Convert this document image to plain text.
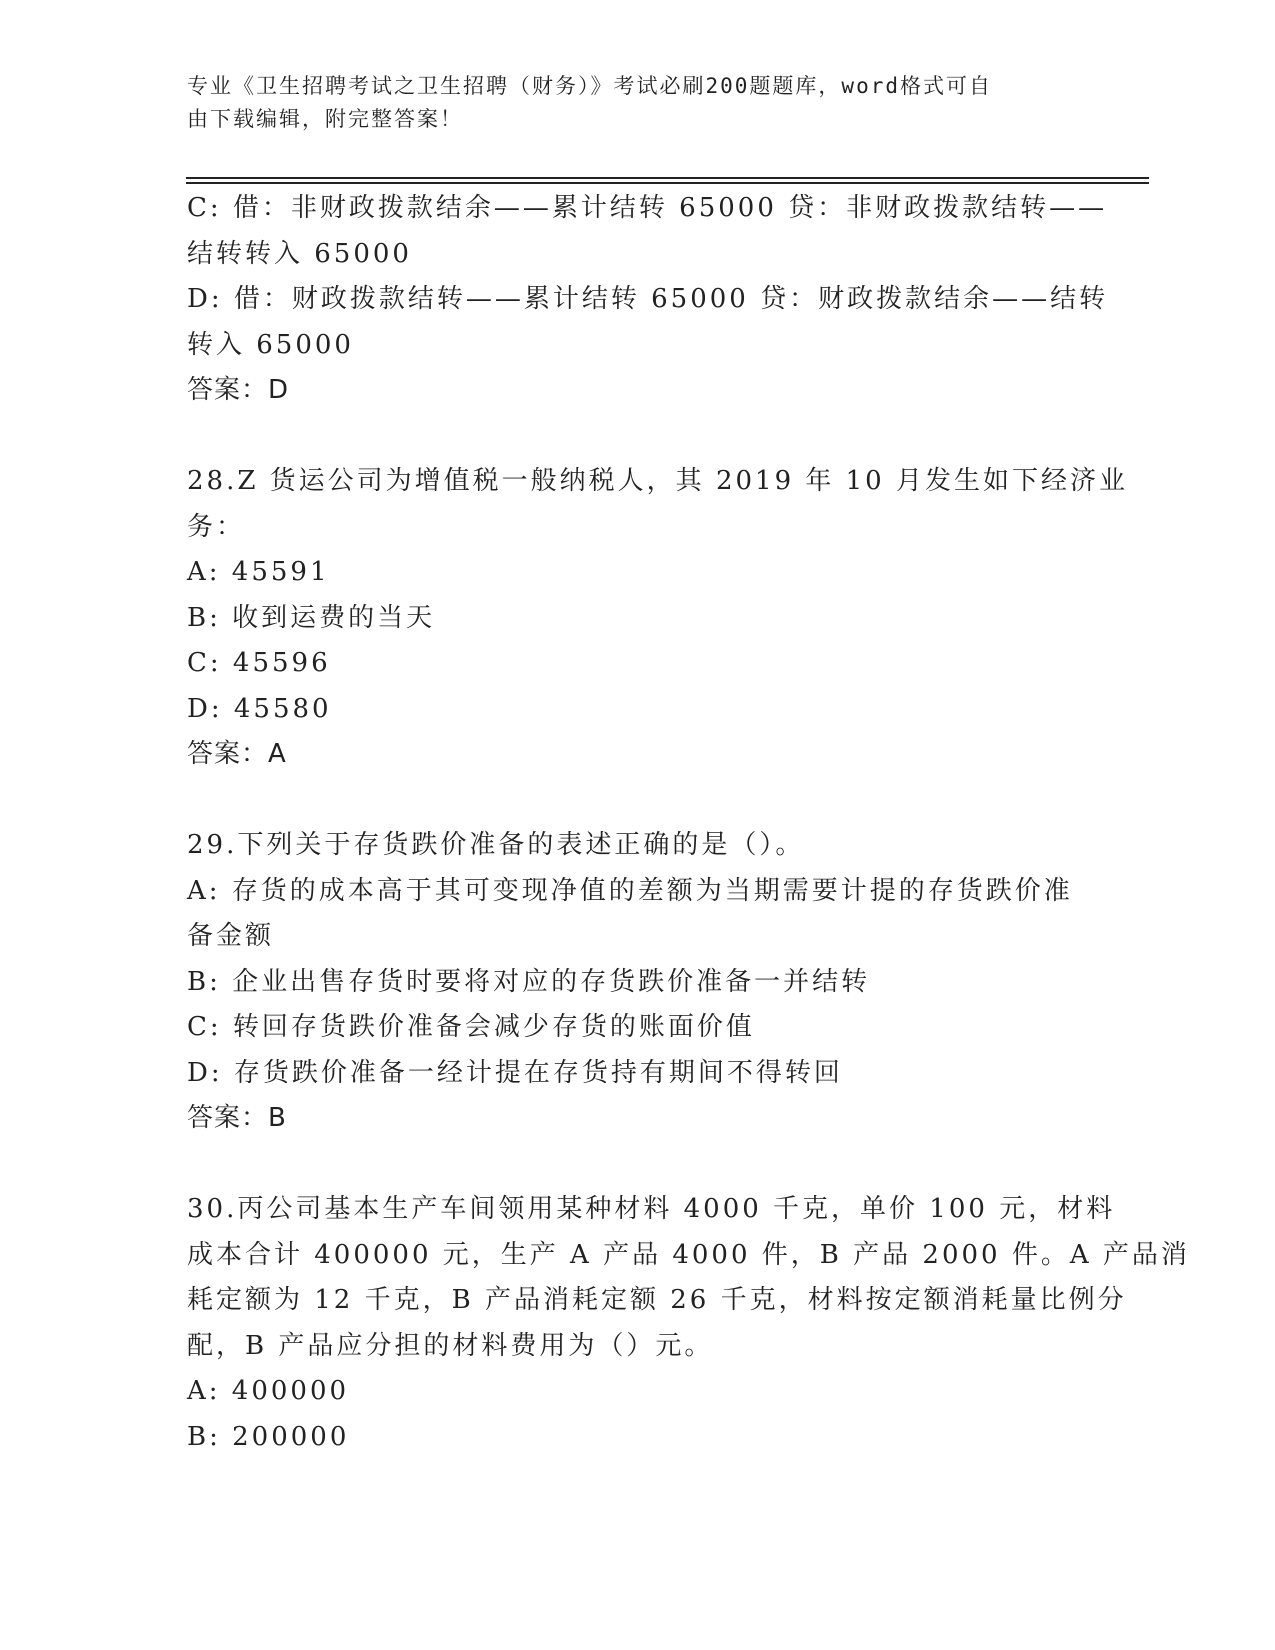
专业《卫生招聘考试之卫生招聘（财务）》考试必刷200题题库，word格式可自
由下载编辑，附完整答案！
C: 借：非财政拨款结余——累计结转 65000 贷：非财政拨款结转——
结转转入 65000
D: 借：财政拨款结转——累计结转 65000 贷：财政拨款结余——结转
转入 65000
答案：D
28.Z 货运公司为增值税一般纳税人，其 2019 年 10 月发生如下经济业
务：
A: 45591
B: 收到运费的当天
C: 45596
D: 45580
答案：A
29.下列关于存货跌价准备的表述正确的是（）。
A: 存货的成本高于其可变现净值的差额为当期需要计提的存货跌价准
备金额
B: 企业出售存货时要将对应的存货跌价准备一并结转
C: 转回存货跌价准备会减少存货的账面价值
D: 存货跌价准备一经计提在存货持有期间不得转回
答案：B
30.丙公司基本生产车间领用某种材料 4000 千克，单价 100 元，材料
成本合计 400000 元，生产 A 产品 4000 件，B 产品 2000 件。A 产品消
耗定额为 12 千克，B 产品消耗定额 26 千克，材料按定额消耗量比例分
配，B 产品应分担的材料费用为（）元。
A: 400000
B: 200000
